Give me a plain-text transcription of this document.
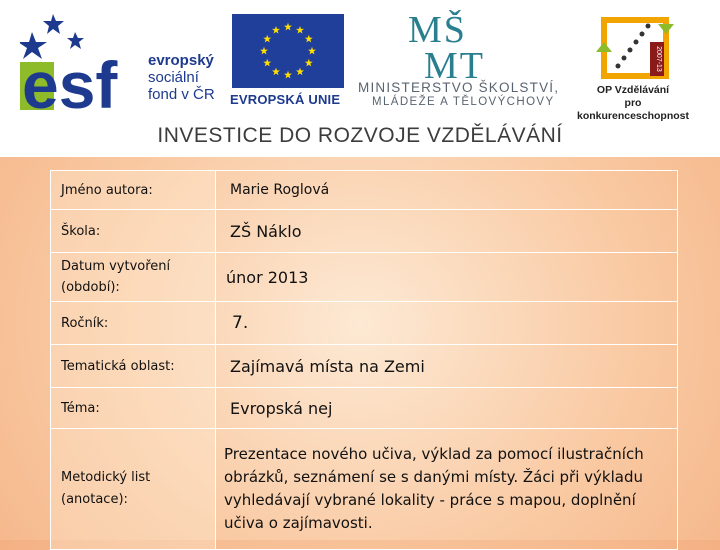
esf evropský
sociální
fond v ČR EVROPSKÁ UNIE
MŠ
MT
MINISTERSTVO ŠKOLSTVÍ,
MLÁDEŽE A TĚLOVÝCHOVY
2007-13
OP Vzdělávání
pro konkurenceschopnost
INVESTICE DO ROZVOJE VZDĚLÁVÁNÍ
Jméno autora:	Marie Roglová
Škola:	ZŠ Náklo
Datum vytvoření (období):	únor 2013
Ročník:	7.
Tematická oblast:	Zajímavá místa na Zemi
Téma:	Evropská nej
Metodický list (anotace):	Prezentace nového učiva, výklad za pomocí ilustračních obrázků, seznámení se s danými místy. Žáci při výkladu vyhledávají vybrané lokality - práce s mapou, doplnění učiva o zajímavosti.
